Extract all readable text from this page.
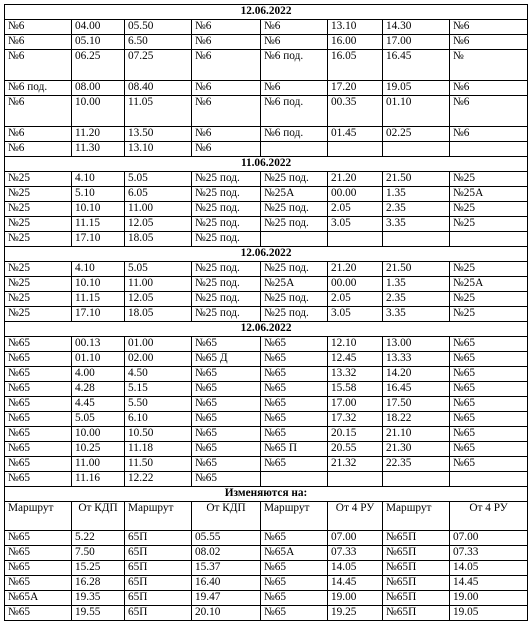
12.06.2022							
№6	04.00	05.50	№6	№6	13.10	14.30	№6
№6	05.10	6.50	№6	№6	16.00	17.00	№6
№6	06.25	07.25	№6	№6 под.	16.05	16.45	№
№6 под.	08.00	08.40	№6	№6	17.20	19.05	№6
№6	10.00	11.05	№6	№6 под.	00.35	01.10	№6
№6	11.20	13.50	№6	№6 под.	01.45	02.25	№6
№6	11.30	13.10	№6				
11.06.2022							
№25	4.10	5.05	№25 под.	№25 под.	21.20	21.50	№25
№25	5.10	6.05	№25 под.	№25А	00.00	1.35	№25А
№25	10.10	11.00	№25 под.	№25 под.	2.05	2.35	№25
№25	11.15	12.05	№25 под.	№25 под.	3.05	3.35	№25
№25	17.10	18.05	№25 под.				
12.06.2022							
№25	4.10	5.05	№25 под.	№25 под.	21.20	21.50	№25
№25	10.10	11.00	№25 под.	№25А	00.00	1.35	№25А
№25	11.15	12.05	№25 под.	№25 под.	2.05	2.35	№25
№25	17.10	18.05	№25 под.	№25 под.	3.05	3.35	№25
12.06.2022							
№65	00.13	01.00	№65	№65	12.10	13.00	№65
№65	01.10	02.00	№65 Д	№65	12.45	13.33	№65
№65	4.00	4.50	№65	№65	13.32	14.20	№65
№65	4.28	5.15	№65	№65	15.58	16.45	№65
№65	4.45	5.50	№65	№65	17.00	17.50	№65
№65	5.05	6.10	№65	№65	17.32	18.22	№65
№65	10.00	10.50	№65	№65	20.15	21.10	№65
№65	10.25	11.18	№65	№65 П	20.55	21.30	№65
№65	11.00	11.50	№65	№65	21.32	22.35	№65
№65	11.16	12.22	№65				
Изменяются на:							
Маршрут	От КДП	Маршрут	От КДП	Маршрут	От 4 РУ	Маршрут	От 4 РУ
№65	5.22	65П	05.55	№65	07.00	№65П	07.00
№65	7.50	65П	08.02	№65А	07.33	№65П	07.33
№65	15.25	65П	15.37	№65	14.05	№65П	14.05
№65	16.28	65П	16.40	№65	14.45	№65П	14.45
№65А	19.35	65П	19.47	№65	19.00	№65П	19.00
№65	19.55	65П	20.10	№65	19.25	№65П	19.05
